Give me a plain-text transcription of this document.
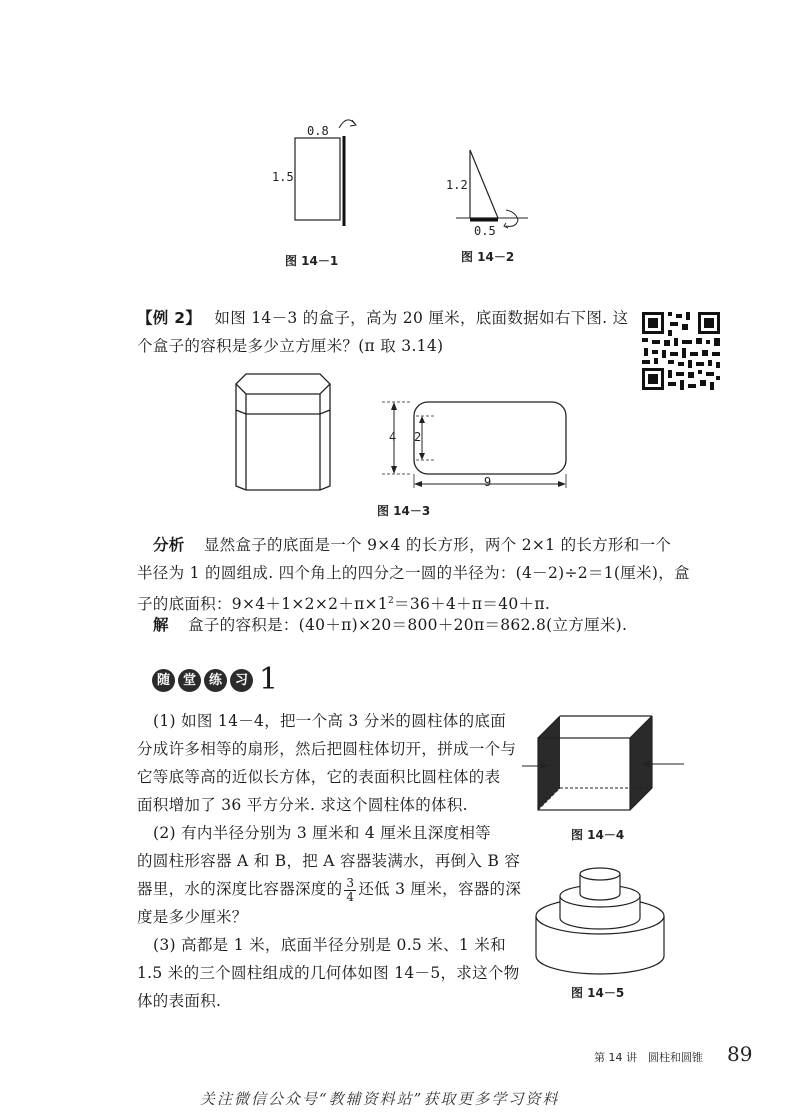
0.8
1.5
图 14－1
1.2
0.5
图 14－2
【例 2】 如图 14－3 的盒子，高为 20 厘米，底面数据如右下图. 这
个盒子的容积是多少立方厘米？(π 取 3.14)
4 2
9
图 14－3
分析 显然盒子的底面是一个 9×4 的长方形，两个 2×1 的长方形和一个
半径为 1 的圆组成. 四个角上的四分之一圆的半径为：(4－2)÷2＝1(厘米)，盒
子的底面积：$9\times 4+1\times 2\times 2+\pi\times 1^2=36+4+\pi=40+\pi$.
解 盒子的容积是：(40＋π)×20＝800＋20π＝862.8(立方厘米).
随 堂 练 习 1
(1) 如图 14－4，把一个高 3 分米的圆柱体的底面
分成许多相等的扇形，然后把圆柱体切开，拼成一个与
它等底等高的近似长方体，它的表面积比圆柱体的表
面积增加了 36 平方分米. 求这个圆柱体的体积.
(2) 有内半径分别为 3 厘米和 4 厘米且深度相等
的圆柱形容器 A 和 B，把 A 容器装满水，再倒入 B 容
器里，水的深度比容器深度的 $\frac{3}{4}$ 还低 3 厘米，容器的深
度是多少厘米？
(3) 高都是 1 米，底面半径分别是 0.5 米、1 米和
1.5 米的三个圆柱组成的几何体如图 14－5，求这个物
体的表面积.
图 14－4
图 14－5
第 14 讲　圆柱和圆锥 89
关注微信公众号“教辅资料站”获取更多学习资料
